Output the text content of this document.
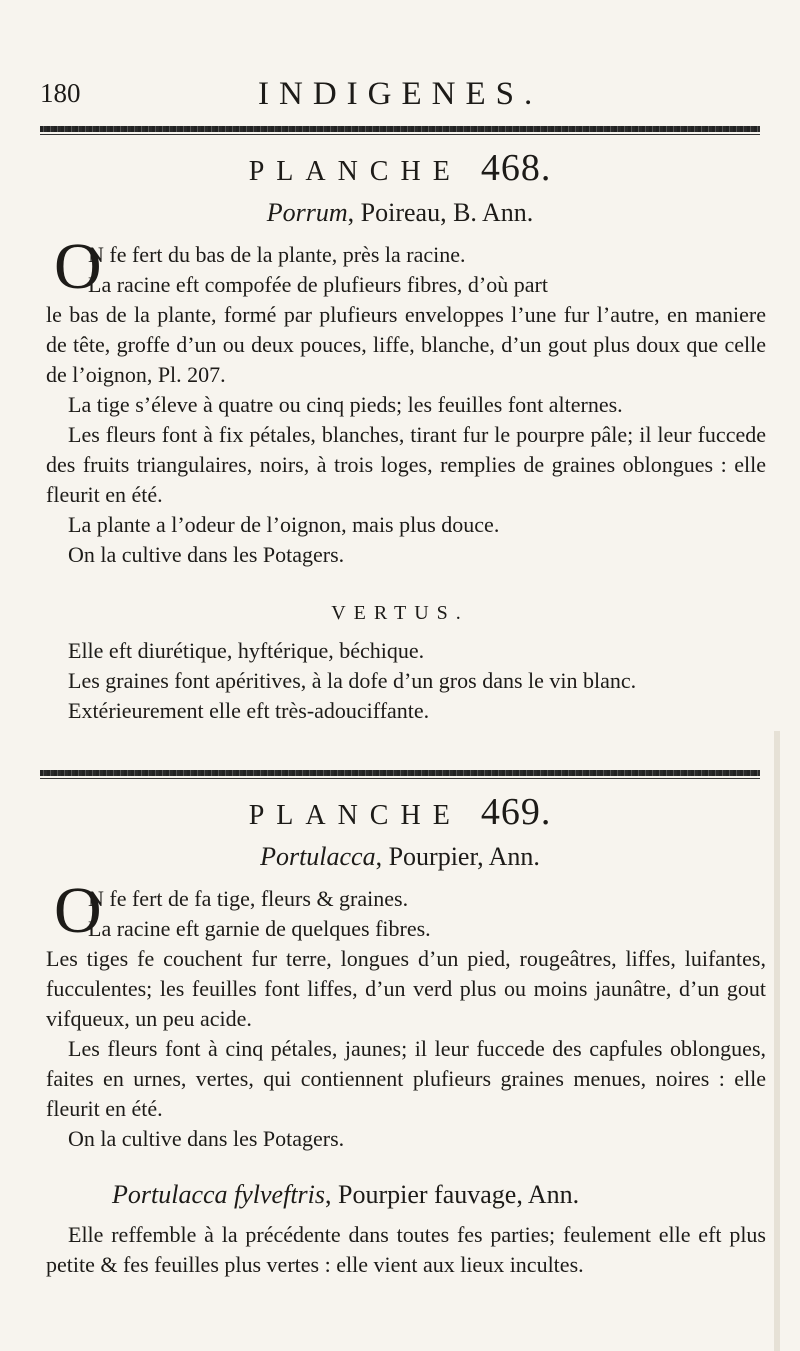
180	INDIGENES.
PLANCHE 468.
Porrum, Poireau, B. Ann.
O

N fe fert du bas de la plante, près la racine.

La racine eft compofée de plufieurs fibres, d’où part

le bas de la plante, formé par plufieurs enveloppes l’une fur l’autre, en maniere de tête, groffe d’un ou deux pouces, liffe, blanche, d’un gout plus doux que celle de l’oignon, Pl. 207.

La tige s’éleve à quatre ou cinq pieds; les feuilles font alternes.

Les fleurs font à fix pétales, blanches, tirant fur le pourpre pâle; il leur fuccede des fruits triangulaires, noirs, à trois loges, remplies de graines oblongues : elle fleurit en été.

La plante a l’odeur de l’oignon, mais plus douce.

On la cultive dans les Potagers.

VERTUS.

Elle eft diurétique, hyftérique, béchique.

Les graines font apéritives, à la dofe d’un gros dans le vin blanc.

Extérieurement elle eft très-adouciffante.

PLANCHE 469.
Portulacca, Pourpier, Ann.
O

N fe fert de fa tige, fleurs & graines.

La racine eft garnie de quelques fibres.

Les tiges fe couchent fur terre, longues d’un pied, rougeâtres, liffes, luifantes, fucculentes; les feuilles font liffes, d’un verd plus ou moins jaunâtre, d’un gout vifqueux, un peu acide.

Les fleurs font à cinq pétales, jaunes; il leur fuccede des capfules oblongues, faites en urnes, vertes, qui contiennent plufieurs graines menues, noires : elle fleurit en été.

On la cultive dans les Potagers.

Portulacca fylveftris, Pourpier fauvage, Ann.

Elle reffemble à la précédente dans toutes fes parties; feulement elle eft plus petite & fes feuilles plus vertes : elle vient aux lieux incultes.
